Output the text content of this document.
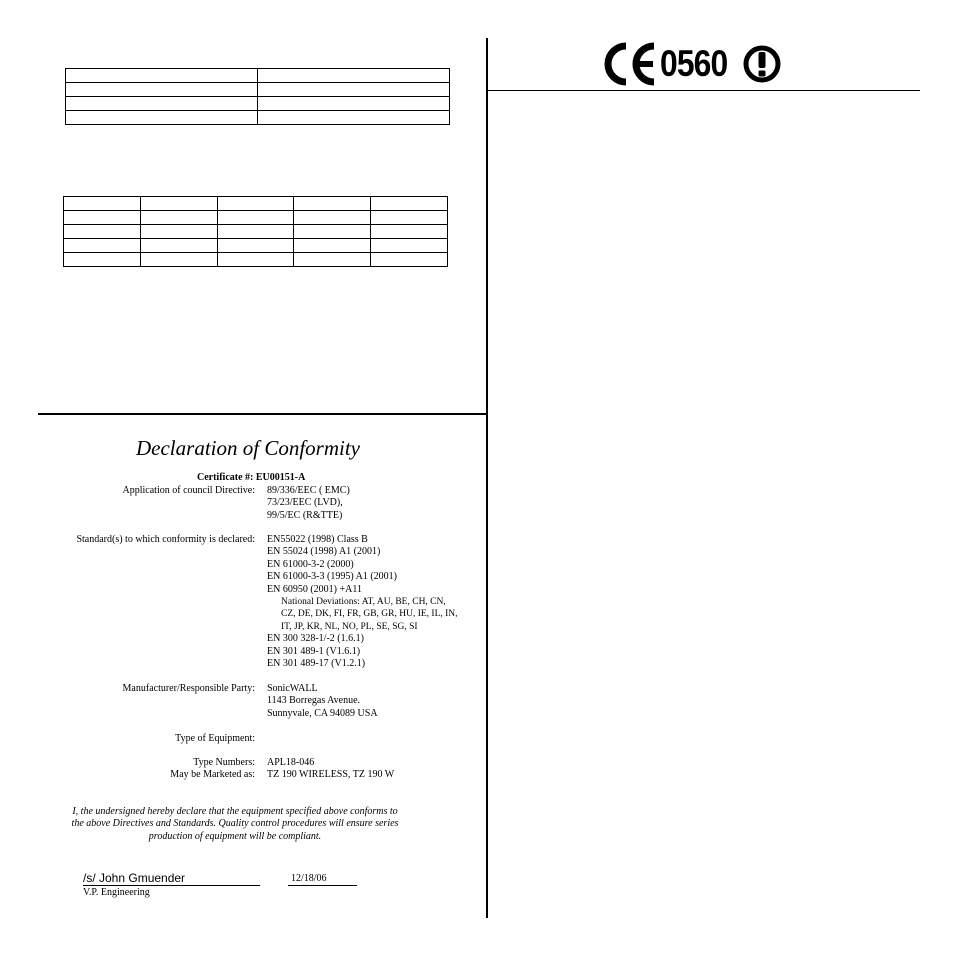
0560
Declaration of Conformity
Certificate #: EU00151-A
Application of council Directive: 89/336/EEC ( EMC)
73/23/EEC (LVD),
99/5/EC (R&TTE)
Standard(s) to which conformity is declared: EN55022 (1998) Class B
EN 55024 (1998) A1 (2001)
EN 61000-3-2 (2000)
EN 61000-3-3 (1995) A1 (2001)
EN 60950 (2001) +A11
National Deviations: AT, AU, BE, CH, CN,
CZ, DE, DK, FI, FR, GB, GR, HU, IE, IL, IN,
IT, JP, KR, NL, NO, PL, SE, SG, SI
EN 300 328-1/-2 (1.6.1)
EN 301 489-1 (V1.6.1)
EN 301 489-17 (V1.2.1)
Manufacturer/Responsible Party: SonicWALL
1143 Borregas Avenue.
Sunnyvale, CA 94089 USA
Type of Equipment:
Type Numbers: APL18-046
May be Marketed as: TZ 190 WIRELESS, TZ 190 W
I, the undersigned hereby declare that the equipment specified above conforms to the above Directives and Standards. Quality control procedures will ensure series production of equipment will be compliant.
/s/ John Gmuender	12/18/06
V.P. Engineering
